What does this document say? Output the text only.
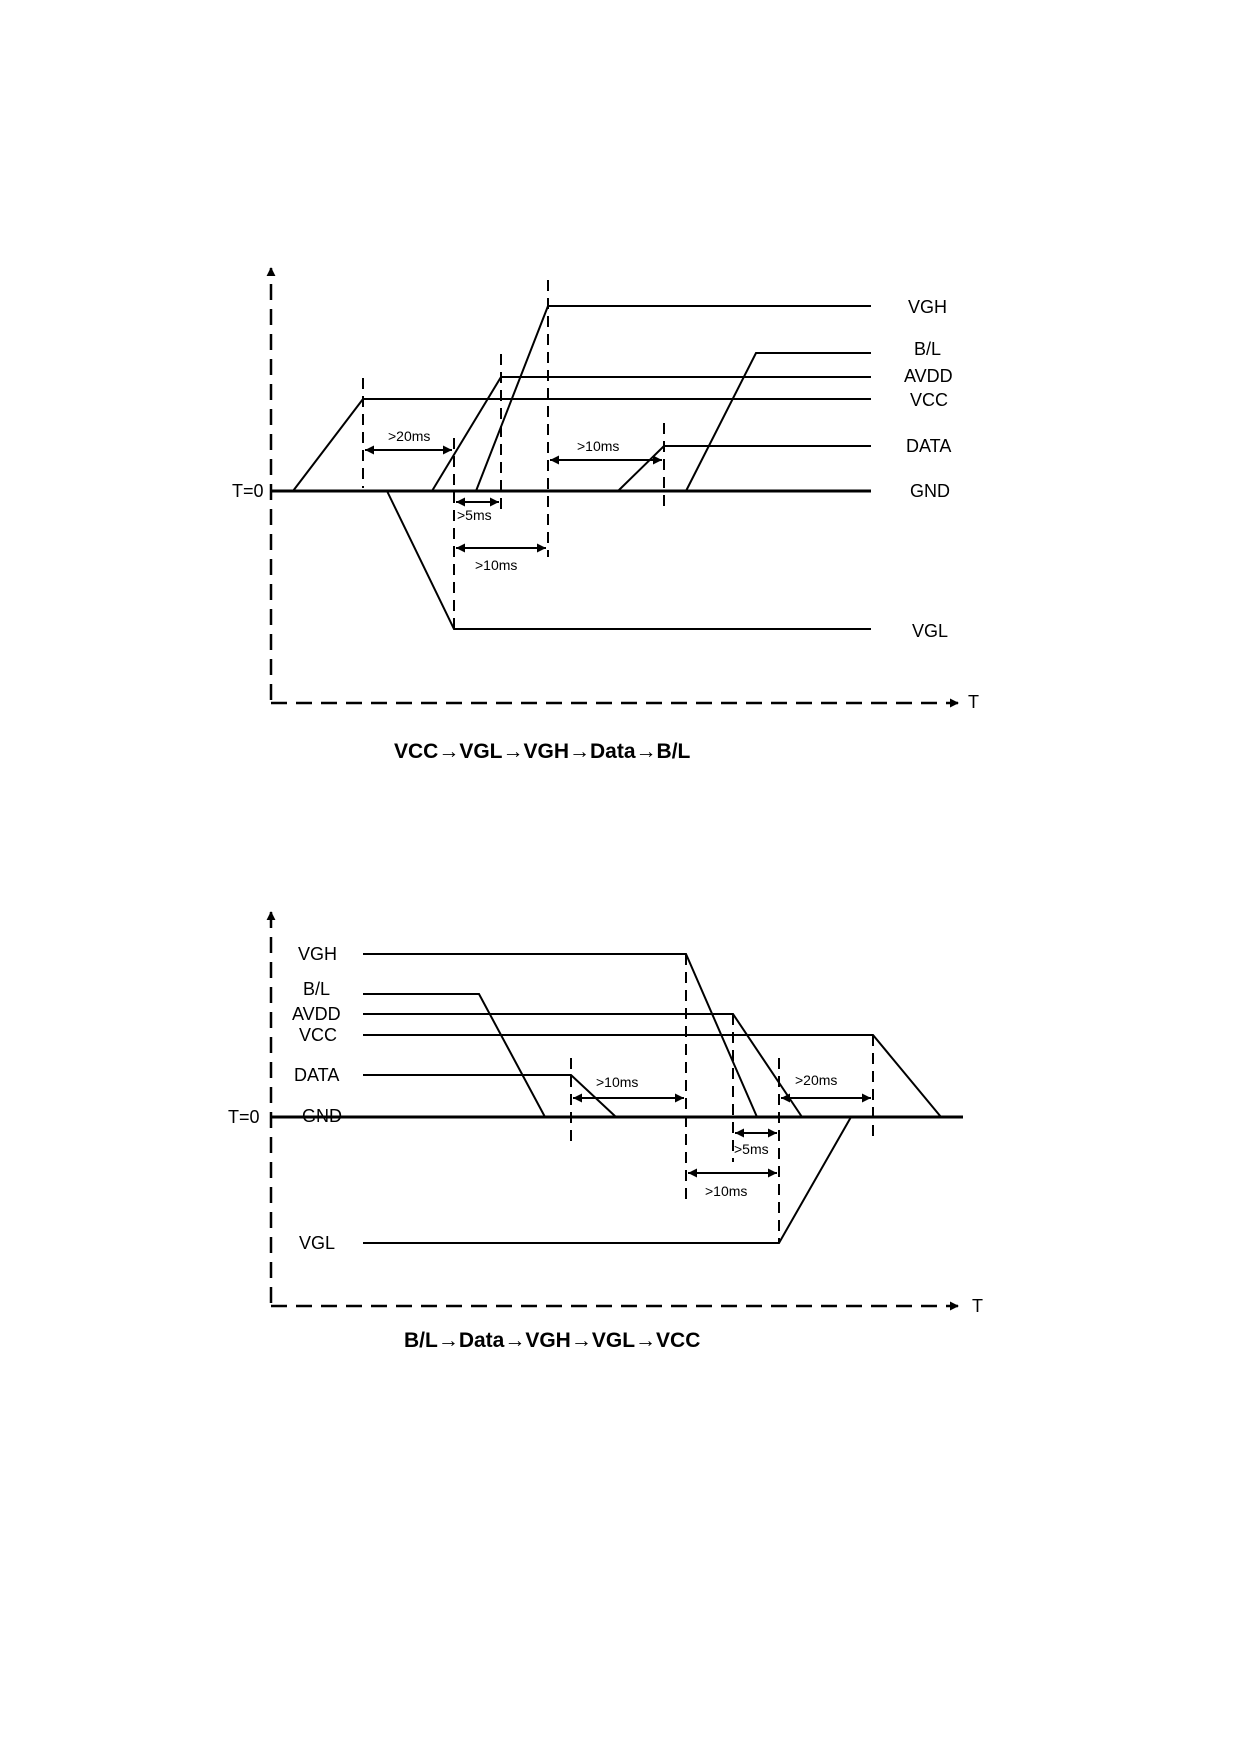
T=0
T
>20ms
>5ms
>10ms
>10ms
VGH
B/L
AVDD
VCC
DATA
GND
VGL
VCC→VGL→VGH→Data→B/L
T=0
T
>10ms
>5ms
>10ms
>20ms
VGH
B/L
AVDD
VCC
DATA
GND
VGL
B/L→Data→VGH→VGL→VCC
